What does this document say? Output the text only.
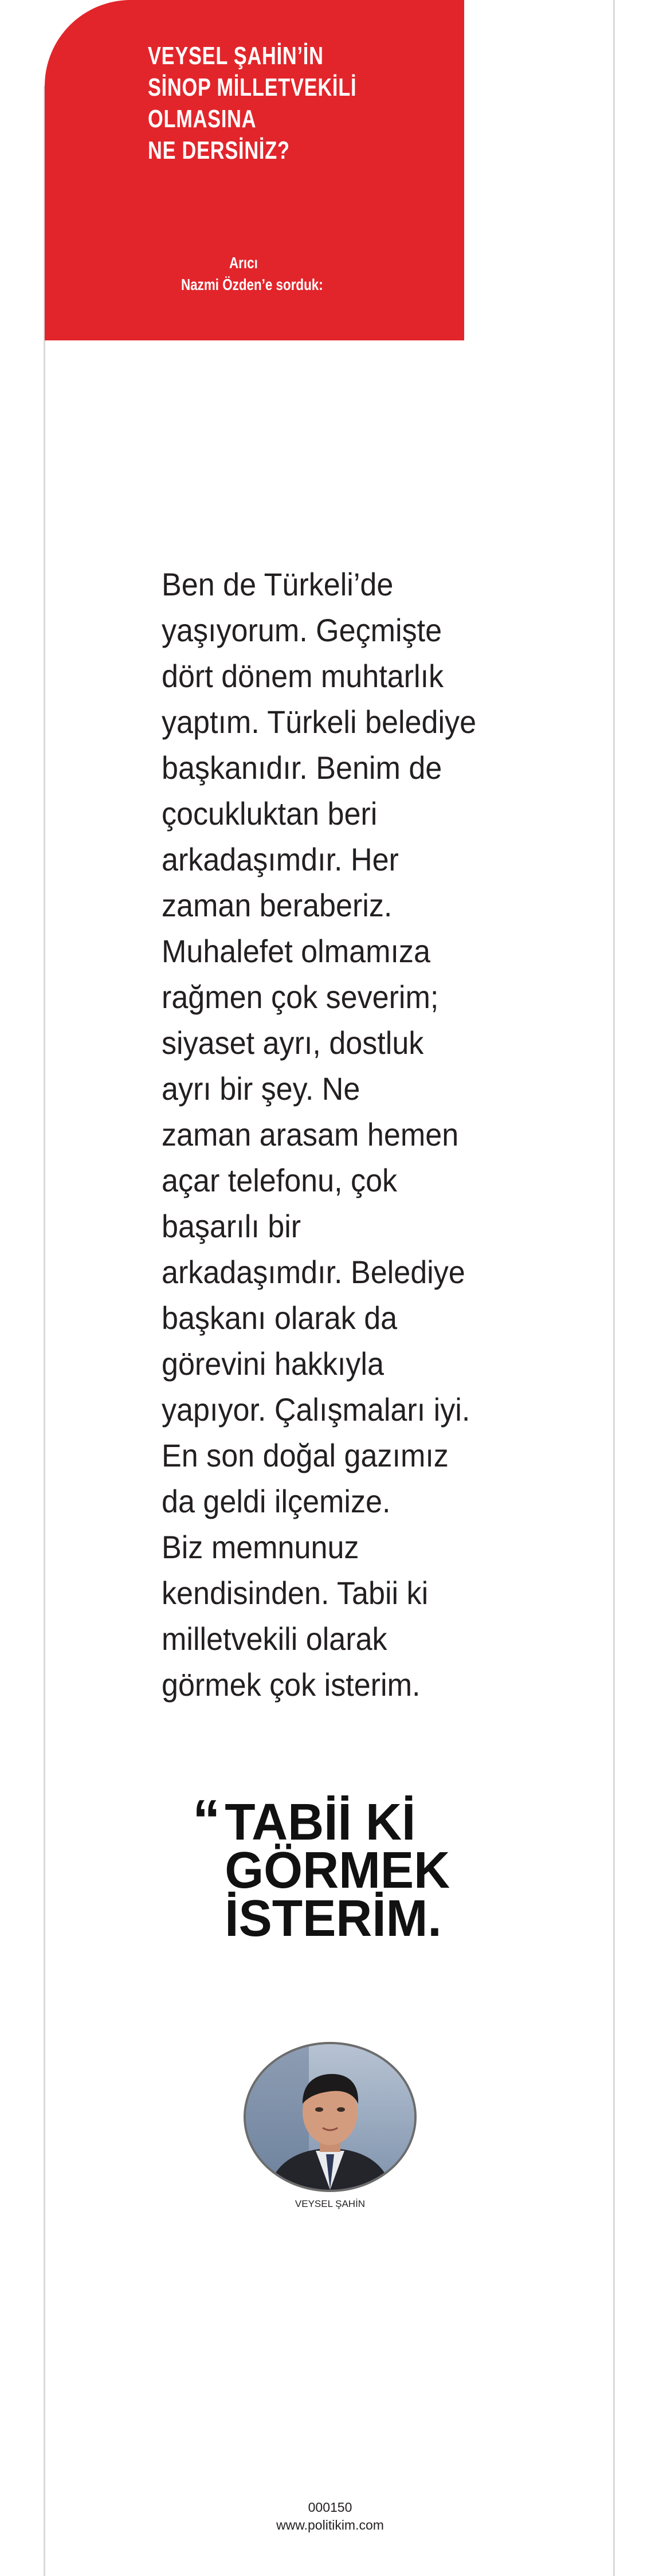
VEYSEL ŞAHİN’İN
SİNOP MİLLETVEKİLİ
OLMASINA
NE DERSİNİZ?
Arıcı
Nazmi Özden’e sorduk:

Ben de Türkeli’de
yaşıyorum. Geçmişte
dört dönem muhtarlık
yaptım. Türkeli belediye
başkanıdır. Benim de
çocukluktan beri
arkadaşımdır. Her
zaman beraberiz.
Muhalefet olmamıza
rağmen çok severim;
siyaset ayrı, dostluk
ayrı bir şey. Ne
zaman arasam hemen
açar telefonu, çok
başarılı bir
arkadaşımdır. Belediye
başkanı olarak da
görevini hakkıyla
yapıyor. Çalışmaları iyi.
En son doğal gazımız
da geldi ilçemize.
Biz memnunuz
kendisinden. Tabii ki
milletvekili olarak
görmek çok isterim.

“ TABİİ Kİ
GÖRMEK
İSTERİM.
VEYSEL ŞAHİN
000150
www.politikim.com
